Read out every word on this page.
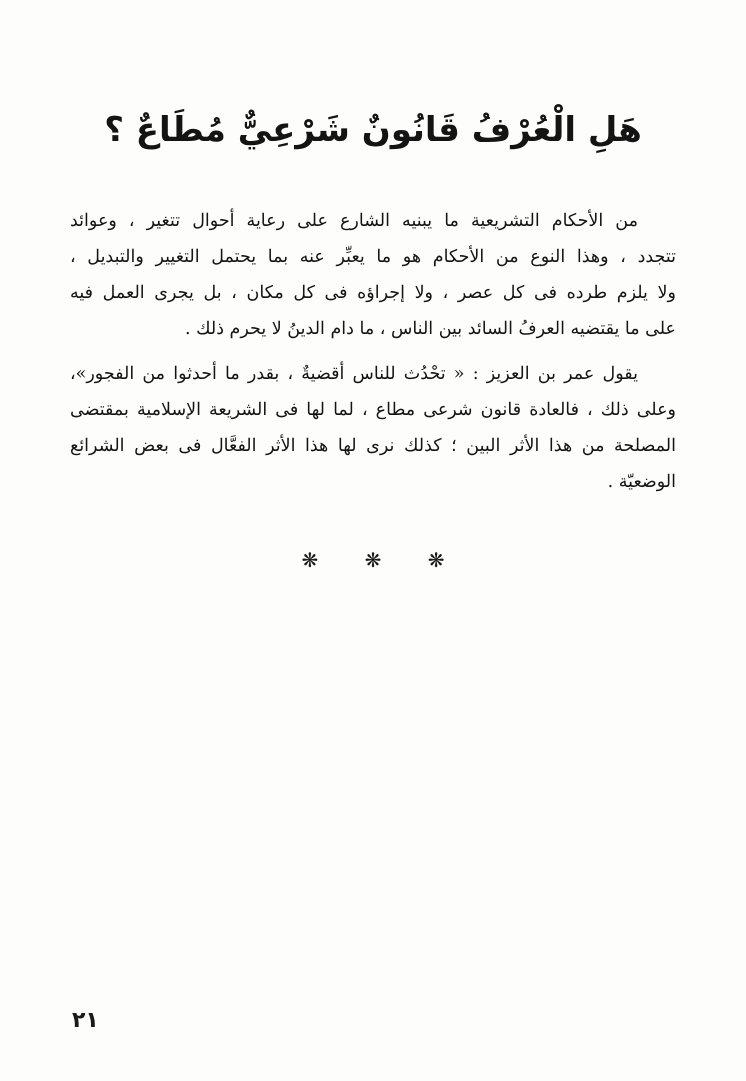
هَلِ الْعُرْفُ قَانُونٌ شَرْعِيٌّ مُطَاعٌ ؟
من الأحكام التشريعية ما يبنيه الشارع على رعاية أحوال تتغير ، وعوائد
تتجدد ، وهذا النوع من الأحكام هو ما يعبِّر عنه بما يحتمل التغيير والتبديل ،
ولا يلزم طرده فى كل عصر ، ولا إجراؤه فى كل مكان ، بل يجرى العمل فيه
على ما يقتضيه العرفُ السائد بين الناس ، ما دام الدينُ لا يحرم ذلك .
يقول عمر بن العزيز : « تحْدُث للناس أقضيةٌ ، بقدر ما أحدثوا من الفجور»،
وعلى ذلك ، فالعادة قانون شرعى مطاع ، لما لها فى الشريعة الإسلامية بمقتضى
المصلحة من هذا الأثر البين ؛ كذلك نرى لها هذا الأثر الفعَّال فى بعض الشرائع
الوضعيّة .
❋ ❋ ❋
٢١
